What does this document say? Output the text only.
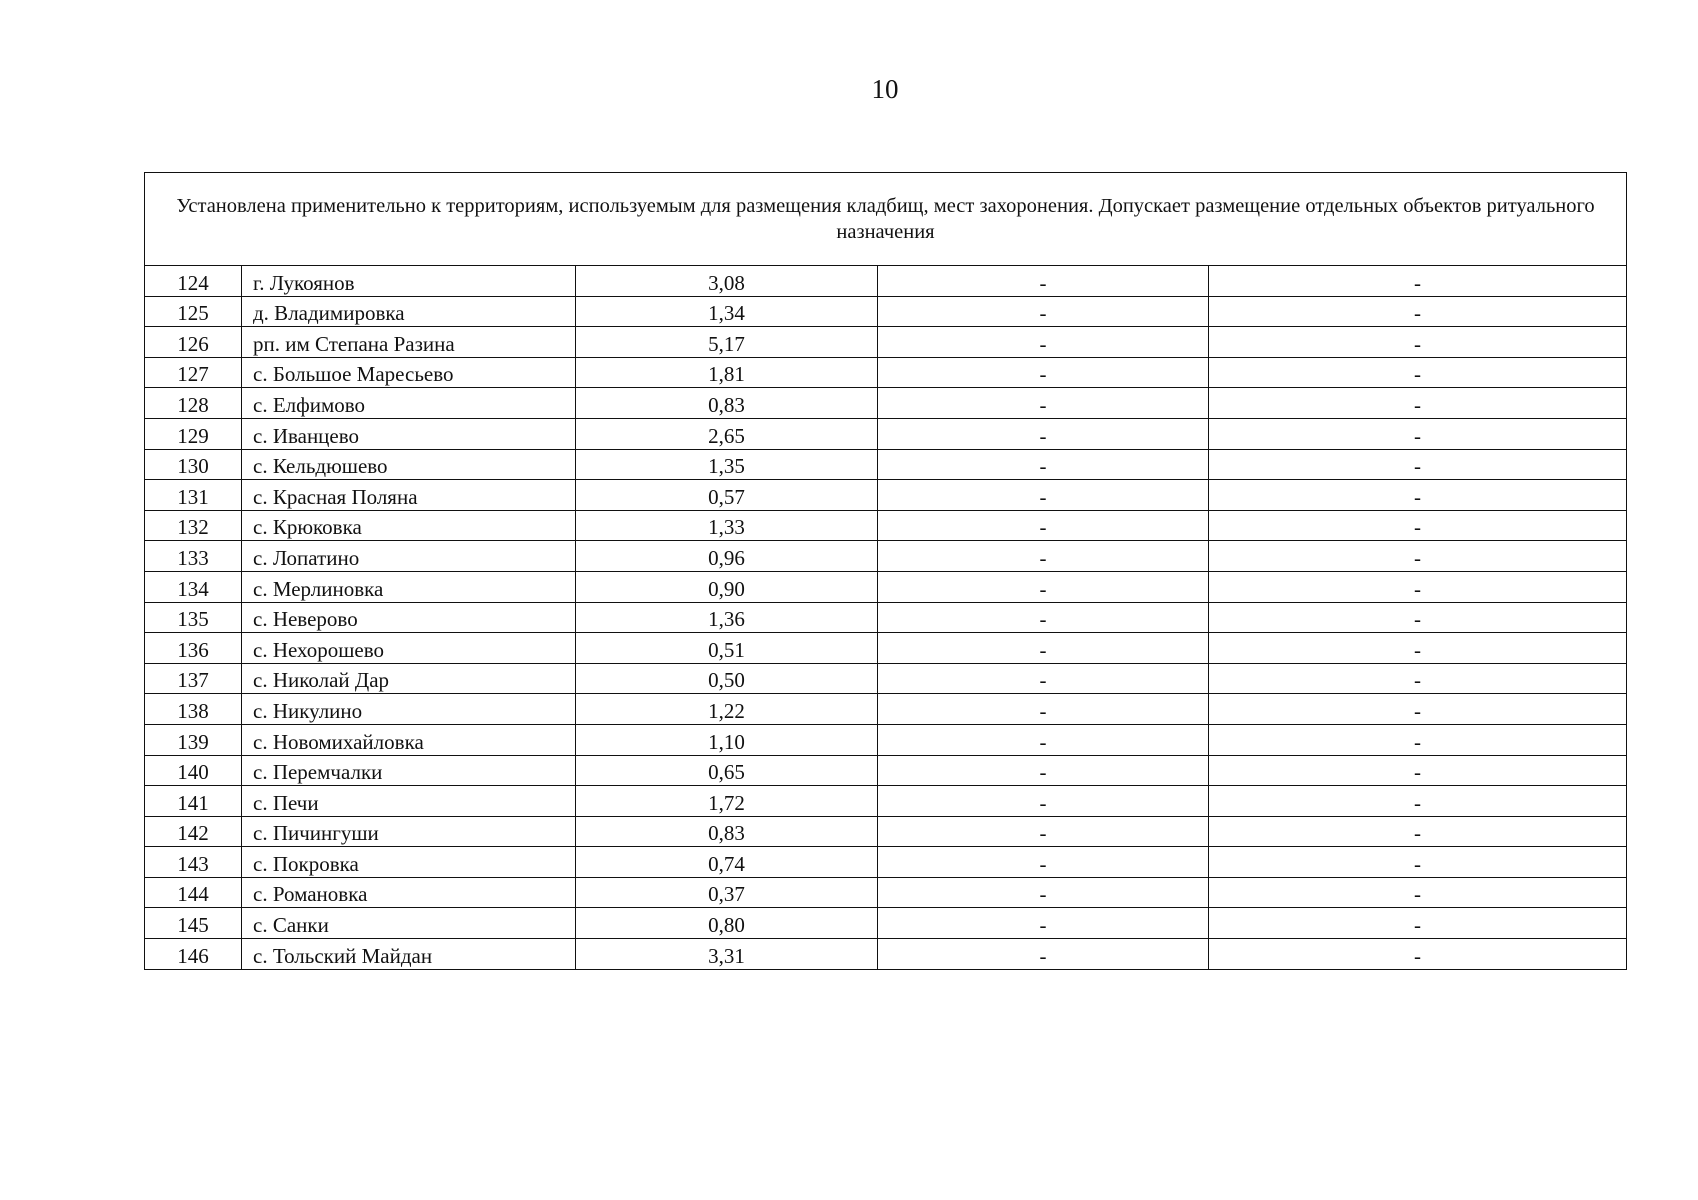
10
Установлена применительно к территориям, используемым для размещения кладбищ, мест захоронения. Допускает размещение отдельных объектов ритуального назначения				
124	г. Лукоянов	3,08	-	-
125	д. Владимировка	1,34	-	-
126	рп. им Степана Разина	5,17	-	-
127	с. Большое Маресьево	1,81	-	-
128	с. Елфимово	0,83	-	-
129	с. Иванцево	2,65	-	-
130	с. Кельдюшево	1,35	-	-
131	с. Красная Поляна	0,57	-	-
132	с. Крюковка	1,33	-	-
133	с. Лопатино	0,96	-	-
134	с. Мерлиновка	0,90	-	-
135	с. Неверово	1,36	-	-
136	с. Нехорошево	0,51	-	-
137	с. Николай Дар	0,50	-	-
138	с. Никулино	1,22	-	-
139	с. Новомихайловка	1,10	-	-
140	с. Перемчалки	0,65	-	-
141	с. Печи	1,72	-	-
142	с. Пичингуши	0,83	-	-
143	с. Покровка	0,74	-	-
144	с. Романовка	0,37	-	-
145	с. Санки	0,80	-	-
146	с. Тольский Майдан	3,31	-	-
